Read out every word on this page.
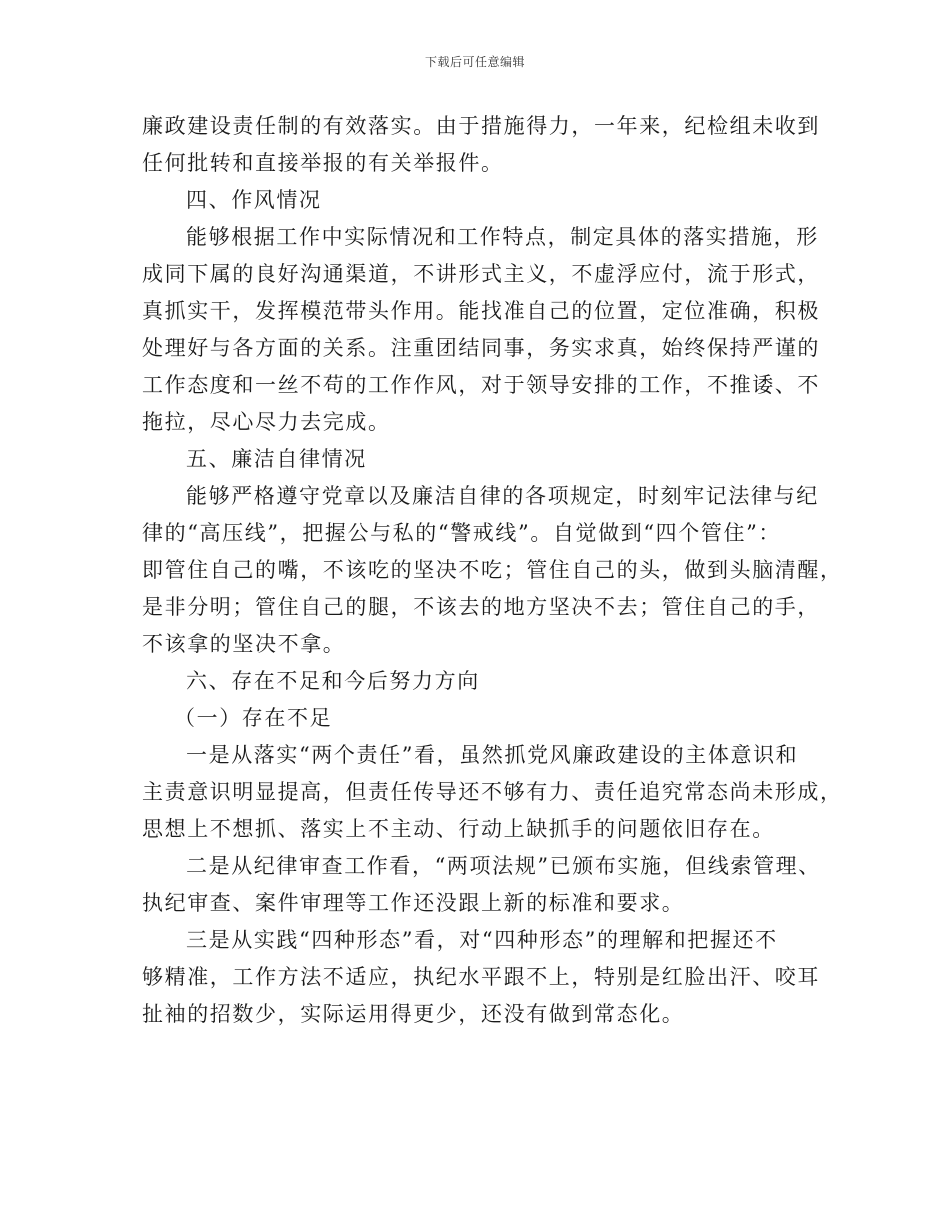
下载后可任意编辑
廉政建设责任制的有效落实。由于措施得力，一年来，纪检组未收到
任何批转和直接举报的有关举报件。
四、作风情况
能够根据工作中实际情况和工作特点，制定具体的落实措施，形
成同下属的良好沟通渠道，不讲形式主义，不虚浮应付，流于形式，
真抓实干，发挥模范带头作用。能找准自己的位置，定位准确，积极
处理好与各方面的关系。注重团结同事，务实求真，始终保持严谨的
工作态度和一丝不苟的工作作风，对于领导安排的工作，不推诿、不
拖拉，尽心尽力去完成。
五、廉洁自律情况
能够严格遵守党章以及廉洁自律的各项规定，时刻牢记法律与纪
律的“高压线”，把握公与私的“警戒线”。自觉做到“四个管住”：
即管住自己的嘴，不该吃的坚决不吃；管住自己的头，做到头脑清醒，
是非分明；管住自己的腿，不该去的地方坚决不去；管住自己的手，
不该拿的坚决不拿。
六、存在不足和今后努力方向
（一）存在不足
一是从落实“两个责任”看，虽然抓党风廉政建设的主体意识和
主责意识明显提高，但责任传导还不够有力、责任追究常态尚未形成，
思想上不想抓、落实上不主动、行动上缺抓手的问题依旧存在。
二是从纪律审查工作看，“两项法规”已颁布实施，但线索管理、
执纪审查、案件审理等工作还没跟上新的标准和要求。
三是从实践“四种形态”看，对“四种形态”的理解和把握还不
够精准，工作方法不适应，执纪水平跟不上，特别是红脸出汗、咬耳
扯袖的招数少，实际运用得更少，还没有做到常态化。
